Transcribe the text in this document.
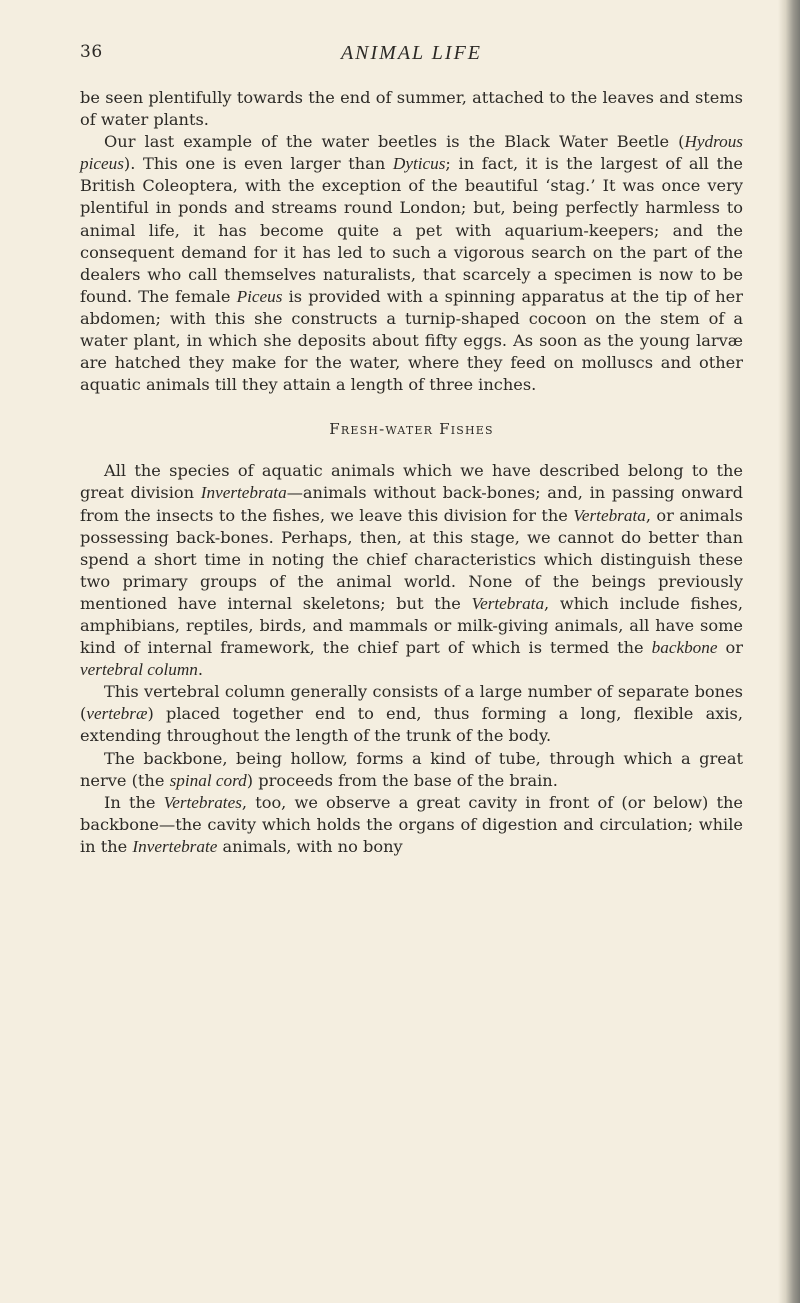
36	ANIMAL LIFE

be seen plentifully towards the end of summer, attached to the leaves and stems of water plants.

Our last example of the water beetles is the Black Water Beetle (Hydrous piceus). This one is even larger than Dyticus; in fact, it is the largest of all the British Coleoptera, with the exception of the beautiful ‘stag.’ It was once very plentiful in ponds and streams round London; but, being perfectly harmless to animal life, it has become quite a pet with aquarium-keepers; and the consequent demand for it has led to such a vigorous search on the part of the dealers who call themselves naturalists, that scarcely a specimen is now to be found. The female Piceus is provided with a spinning apparatus at the tip of her abdomen; with this she constructs a turnip-shaped cocoon on the stem of a water plant, in which she deposits about fifty eggs. As soon as the young larvæ are hatched they make for the water, where they feed on molluscs and other aquatic animals till they attain a length of three inches.

Fresh-water Fishes

All the species of aquatic animals which we have described belong to the great division Invertebrata—animals without back-bones; and, in passing onward from the insects to the fishes, we leave this division for the Vertebrata, or animals possessing back-bones. Perhaps, then, at this stage, we cannot do better than spend a short time in noting the chief characteristics which distinguish these two primary groups of the animal world. None of the beings previously mentioned have internal skeletons; but the Vertebrata, which include fishes, amphibians, reptiles, birds, and mammals or milk-giving animals, all have some kind of internal framework, the chief part of which is termed the backbone or vertebral column.

This vertebral column generally consists of a large number of separate bones (vertebræ) placed together end to end, thus forming a long, flexible axis, extending throughout the length of the trunk of the body.

The backbone, being hollow, forms a kind of tube, through which a great nerve (the spinal cord) proceeds from the base of the brain.

In the Vertebrates, too, we observe a great cavity in front of (or below) the backbone—the cavity which holds the organs of digestion and circulation; while in the Invertebrate animals, with no bony
